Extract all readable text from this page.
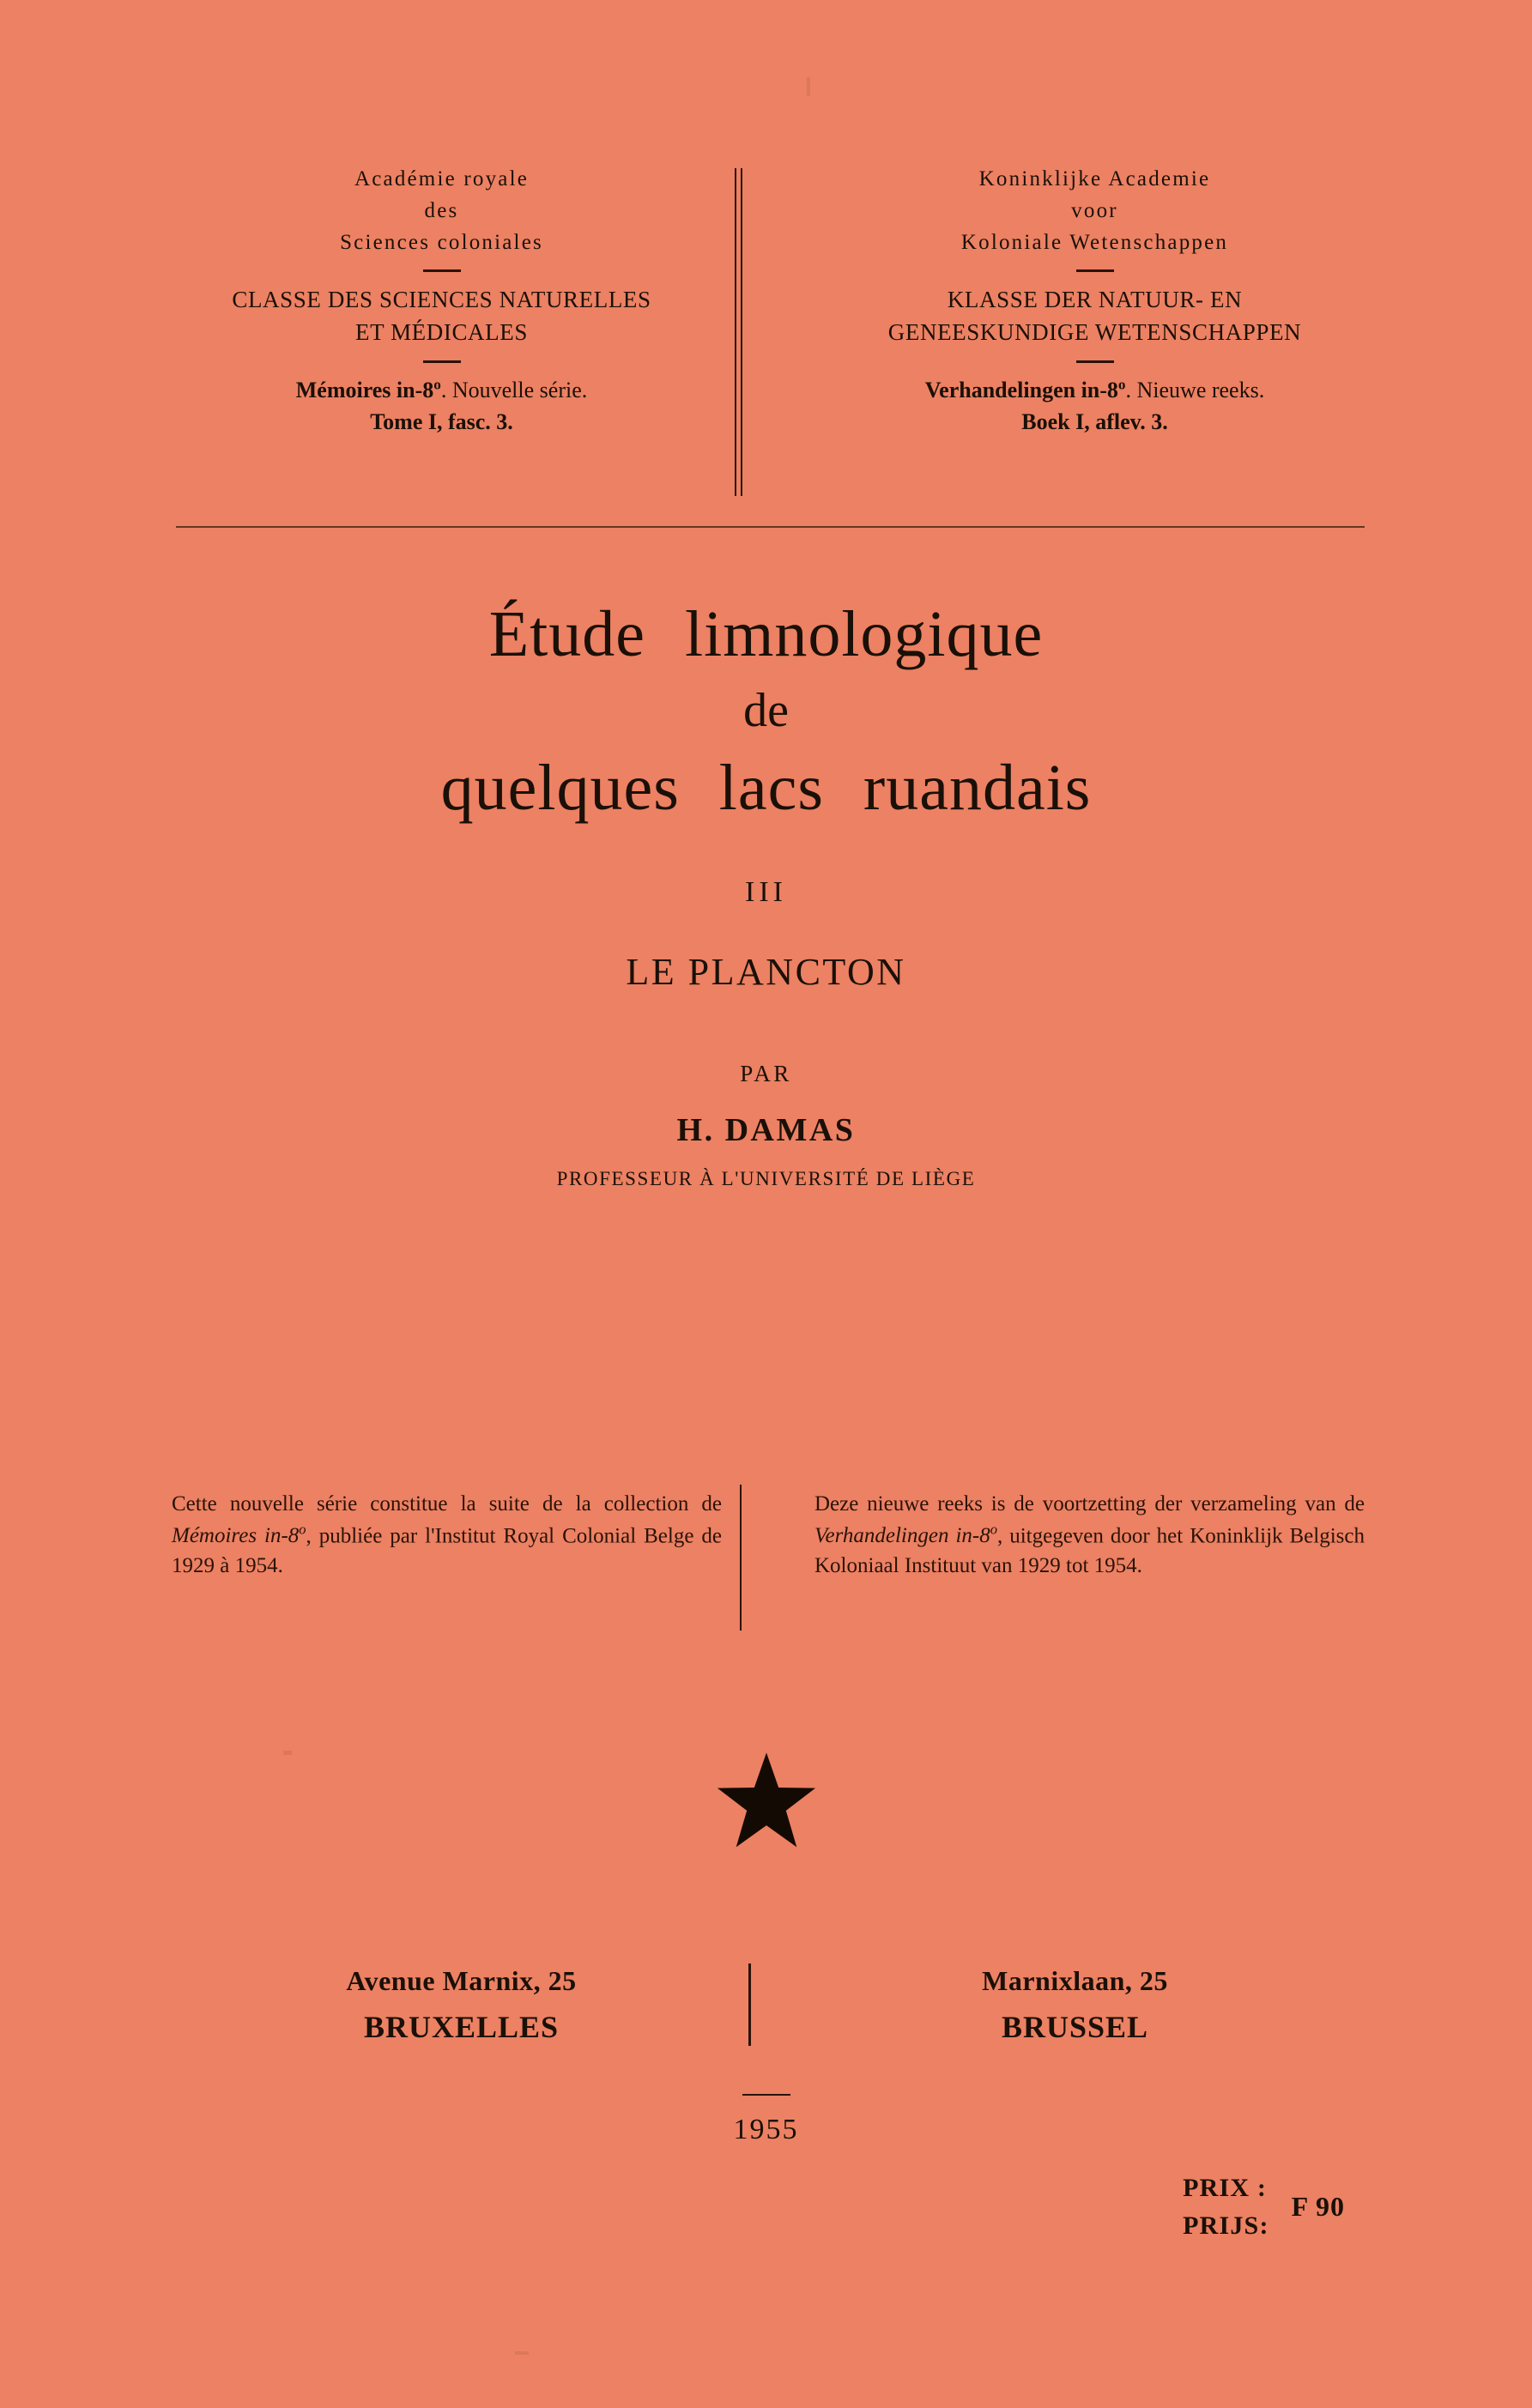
Académie royale
des
Sciences coloniales
CLASSE DES SCIENCES NATURELLES
ET MÉDICALES
Mémoires in-8$^o$. Nouvelle série.
Tome I, fasc. 3.
Koninklijke Academie
voor
Koloniale Wetenschappen
KLASSE DER NATUUR- EN
GENEESKUNDIGE WETENSCHAPPEN
Verhandelingen in-8$^o$. Nieuwe reeks.
Boek I, aflev. 3.
Étude limnologique
de
quelques lacs ruandais
III
LE PLANCTON
PAR
H. DAMAS
PROFESSEUR À L'UNIVERSITÉ DE LIÈGE
Cette nouvelle série constitue la suite de la collection de Mémoires in-8$^o$, publiée par l'Institut Royal Colonial Belge de 1929 à 1954.
Deze nieuwe reeks is de voortzetting der verzameling van de Verhandelingen in-8$^o$, uitgegeven door het Koninklijk Belgisch Koloniaal Instituut van 1929 tot 1954.
Avenue Marnix, 25
BRUXELLES
Marnixlaan, 25
BRUSSEL
1955
PRIX :
PRIJS:
F 90
